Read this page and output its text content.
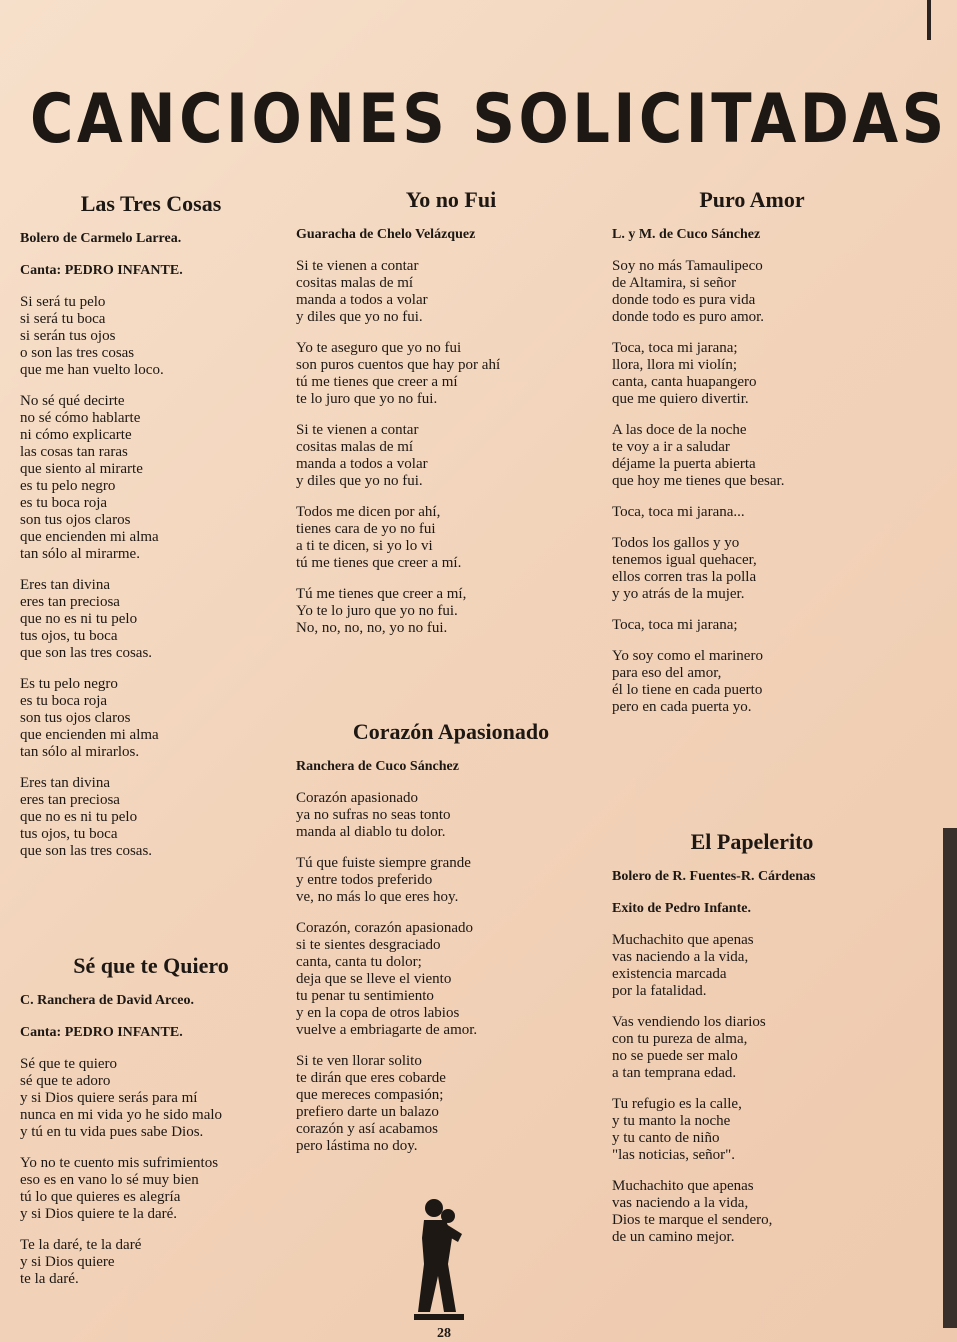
CANCIONES SOLICITADAS
Las Tres Cosas
Bolero de Carmelo Larrea.
Canta: PEDRO INFANTE.
Si será tu pelo
si será tu boca
si serán tus ojos
o son las tres cosas
que me han vuelto loco.
No sé qué decirte
no sé cómo hablarte
ni cómo explicarte
las cosas tan raras
que siento al mirarte
es tu pelo negro
es tu boca roja
son tus ojos claros
que encienden mi alma
tan sólo al mirarme.
Eres tan divina
eres tan preciosa
que no es ni tu pelo
tus ojos, tu boca
que son las tres cosas.
Es tu pelo negro
es tu boca roja
son tus ojos claros
que encienden mi alma
tan sólo al mirarlos.
Eres tan divina
eres tan preciosa
que no es ni tu pelo
tus ojos, tu boca
que son las tres cosas.
Sé que te Quiero
C. Ranchera de David Arceo.
Canta: PEDRO INFANTE.
Sé que te quiero
sé que te adoro
y si Dios quiere serás para mí
nunca en mi vida yo he sido malo
y tú en tu vida pues sabe Dios.
Yo no te cuento mis sufrimientos
eso es en vano lo sé muy bien
tú lo que quieres es alegría
y si Dios quiere te la daré.
Te la daré, te la daré
y si Dios quiere
te la daré.
Yo no Fui
Guaracha de Chelo Velázquez
Si te vienen a contar
cositas malas de mí
manda a todos a volar
y diles que yo no fui.
Yo te aseguro que yo no fui
son puros cuentos que hay por ahí
tú me tienes que creer a mí
te lo juro que yo no fui.
Si te vienen a contar
cositas malas de mí
manda a todos a volar
y diles que yo no fui.
Todos me dicen por ahí,
tienes cara de yo no fui
a ti te dicen, si yo lo vi
tú me tienes que creer a mí.
Tú me tienes que creer a mí,
Yo te lo juro que yo no fui.
No, no, no, no, yo no fui.
Corazón Apasionado
Ranchera de Cuco Sánchez
Corazón apasionado
ya no sufras no seas tonto
manda al diablo tu dolor.
Tú que fuiste siempre grande
y entre todos preferido
ve, no más lo que eres hoy.
Corazón, corazón apasionado
si te sientes desgraciado
canta, canta tu dolor;
deja que se lleve el viento
tu penar tu sentimiento
y en la copa de otros labios
vuelve a embriagarte de amor.
Si te ven llorar solito
te dirán que eres cobarde
que mereces compasión;
prefiero darte un balazo
corazón y así acabamos
pero lástima no doy.
Puro Amor
L. y M. de Cuco Sánchez
Soy no más Tamaulipeco
de Altamira, si señor
donde todo es pura vida
donde todo es puro amor.
Toca, toca mi jarana;
llora, llora mi violín;
canta, canta huapangero
que me quiero divertir.
A las doce de la noche
te voy a ir a saludar
déjame la puerta abierta
que hoy me tienes que besar.
Toca, toca mi jarana...
Todos los gallos y yo
tenemos igual quehacer,
ellos corren tras la polla
y yo atrás de la mujer.
Toca, toca mi jarana;
Yo soy como el marinero
para eso del amor,
él lo tiene en cada puerto
pero en cada puerta yo.
El Papelerito
Bolero de R. Fuentes-R. Cárdenas
Exito de Pedro Infante.
Muchachito que apenas
vas naciendo a la vida,
existencia marcada
por la fatalidad.
Vas vendiendo los diarios
con tu pureza de alma,
no se puede ser malo
a tan temprana edad.
Tu refugio es la calle,
y tu manto la noche
y tu canto de niño
"las noticias, señor".
Muchachito que apenas
vas naciendo a la vida,
Dios te marque el sendero,
de un camino mejor.
28
